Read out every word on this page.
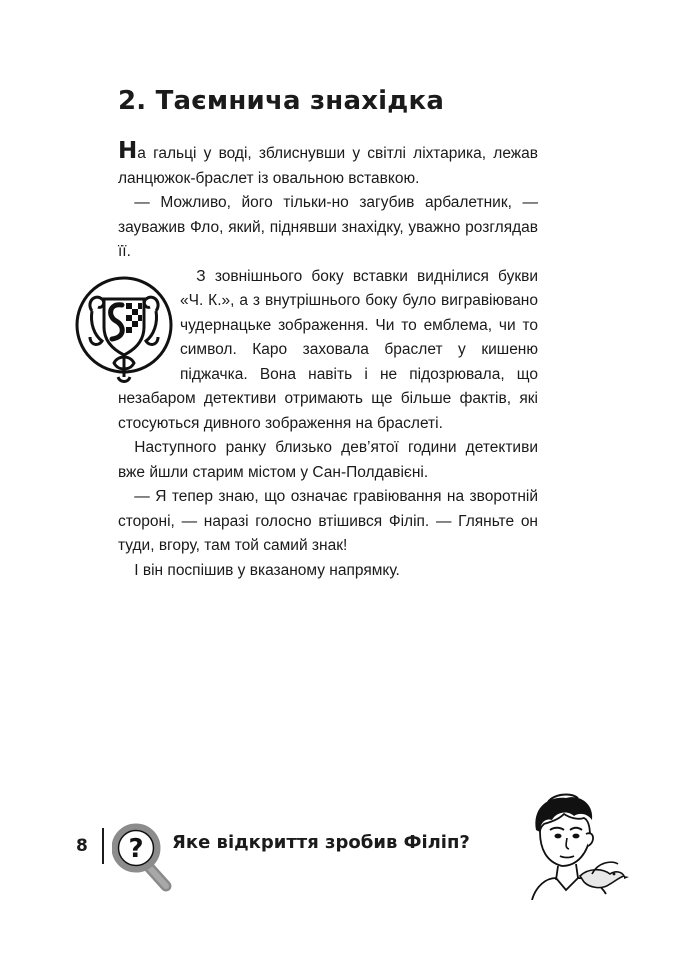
2. Таємнича знахідка

На гальці у воді, зблиснувши у світлі ліхтарика, лежав ланцюжок-браслет із овальною вставкою.

— Можливо, його тільки-но загубив арбалетник, — зауважив Фло, який, піднявши знахідку, уважно розглядав її.

З зовнішнього боку вставки виднілися букви «Ч. К.», а з внутрішнього боку було вигравіювано чудернацьке зображення. Чи то емблема, чи то символ. Каро заховала браслет у кишеню піджачка. Вона навіть і не підозрювала, що незабаром детективи отримають ще більше фактів, які стосуються дивного зображення на браслеті.

Наступного ранку близько дев’ятої години детективи вже йшли старим містом у Сан-Полдавієні.

— Я тепер знаю, що означає гравіювання на зворотній стороні, — наразі голосно втішився Філіп. — Гляньте он туди, вгору, там той самий знак!

І він поспішив у вказаному напрямку.

8 ? Яке відкриття зробив Філіп?
